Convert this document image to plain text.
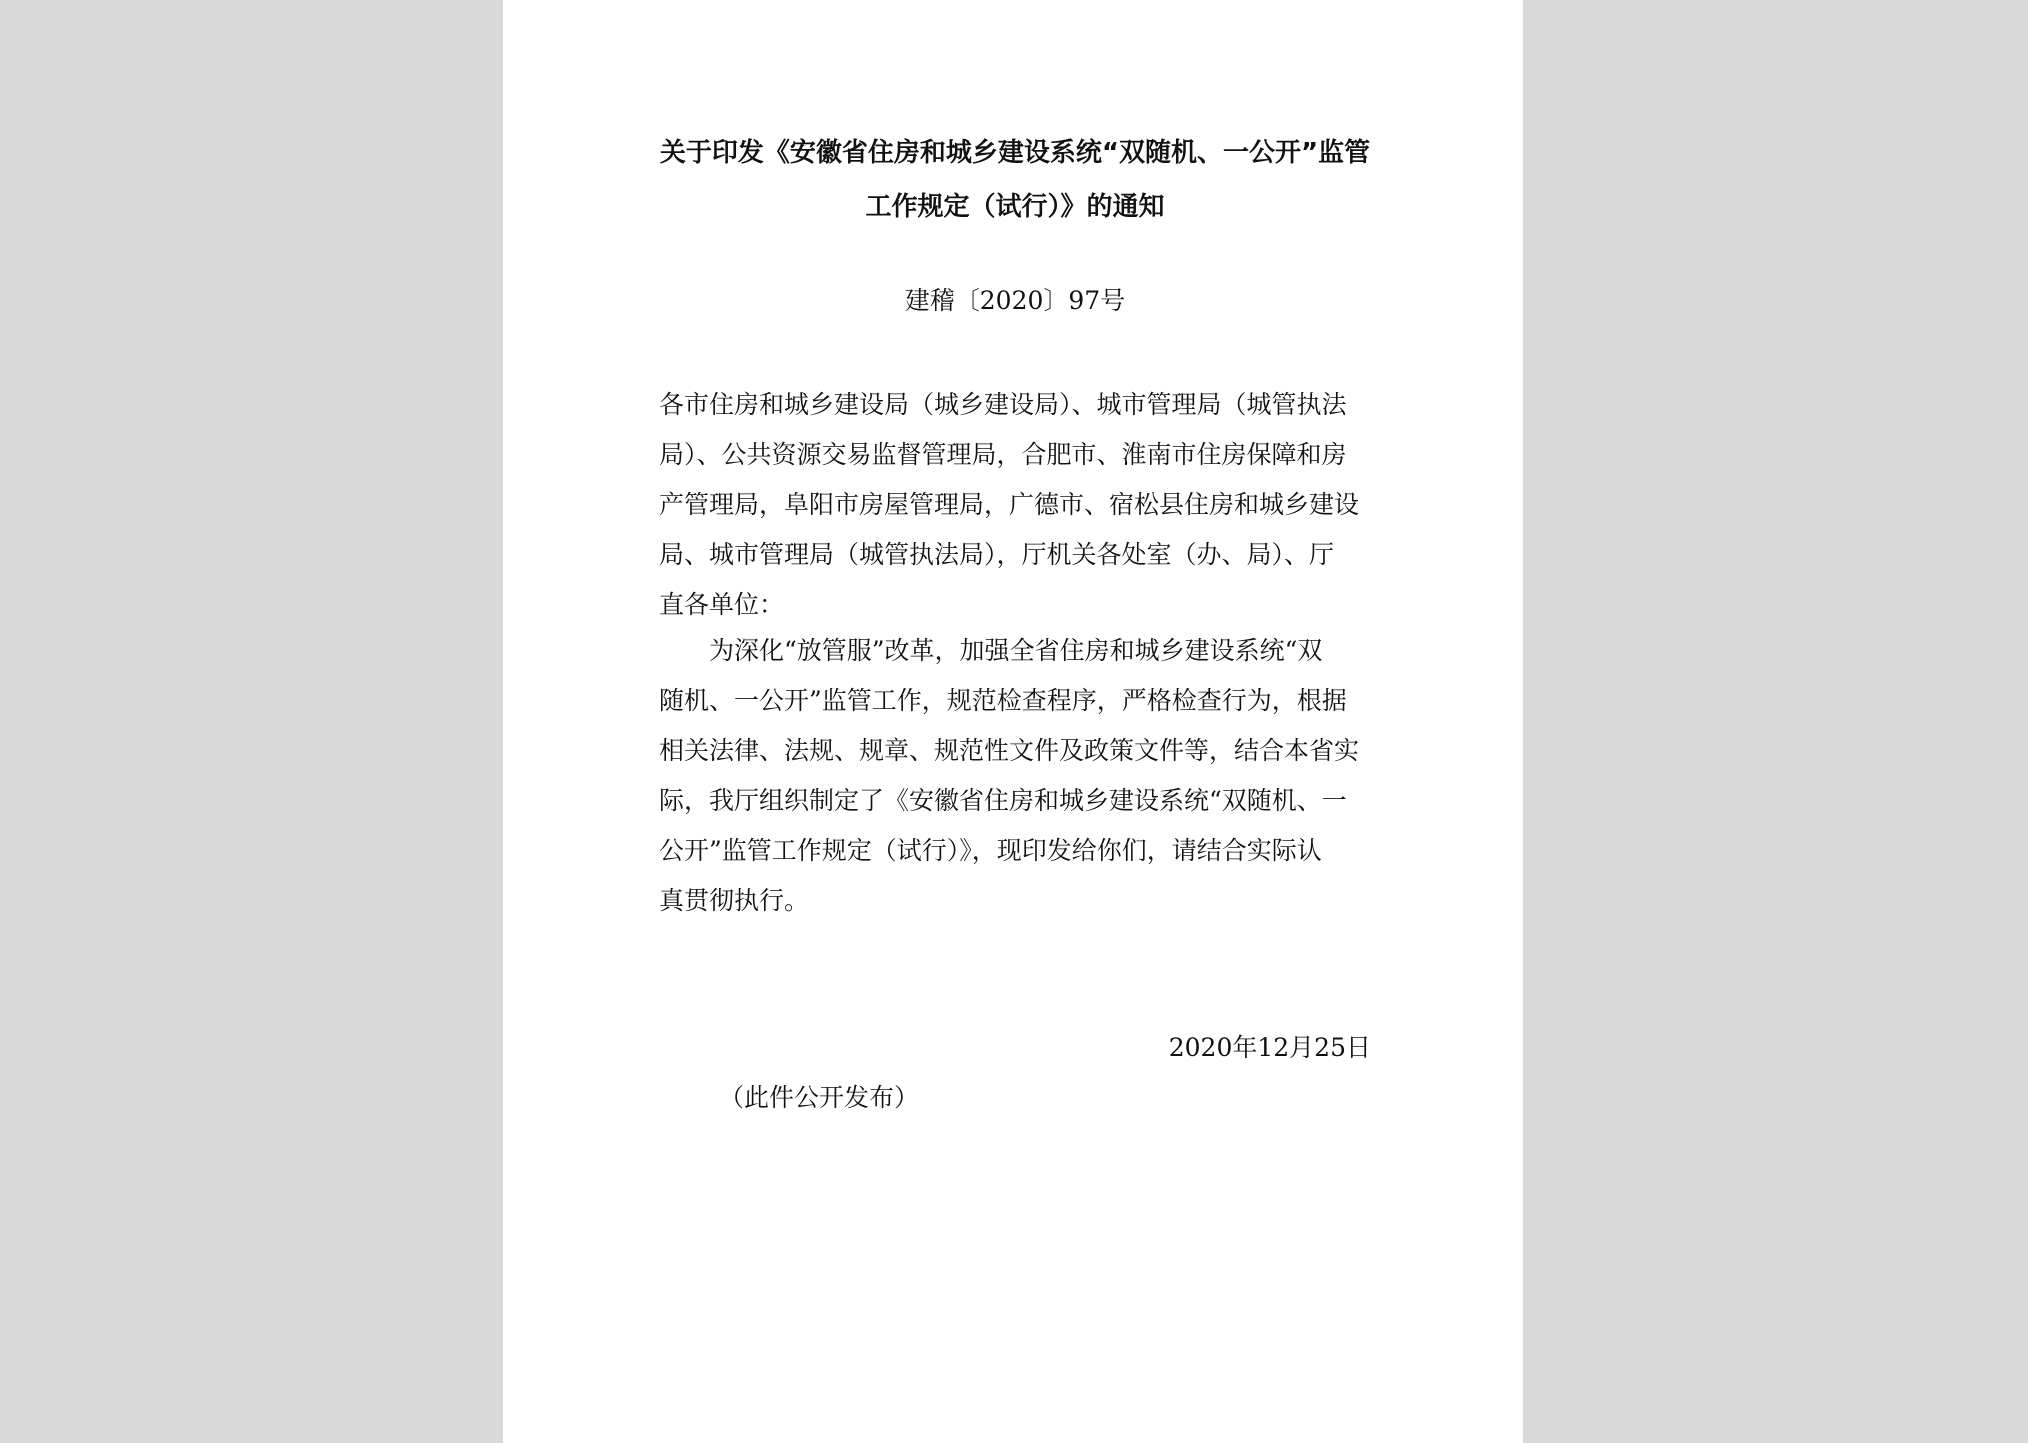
关于印发《安徽省住房和城乡建设系统“双随机、一公开”监管
工作规定（试行）》的通知
建稽〔2020〕97号
各市住房和城乡建设局（城乡建设局）、城市管理局（城管执法
局）、公共资源交易监督管理局，合肥市、淮南市住房保障和房
产管理局，阜阳市房屋管理局，广德市、宿松县住房和城乡建设
局、城市管理局（城管执法局），厅机关各处室（办、局）、厅
直各单位：
为深化“放管服”改革，加强全省住房和城乡建设系统“双
随机、一公开”监管工作，规范检查程序，严格检查行为，根据
相关法律、法规、规章、规范性文件及政策文件等，结合本省实
际，我厅组织制定了《安徽省住房和城乡建设系统“双随机、一
公开”监管工作规定（试行）》，现印发给你们，请结合实际认
真贯彻执行。
2020年12月25日
（此件公开发布）
